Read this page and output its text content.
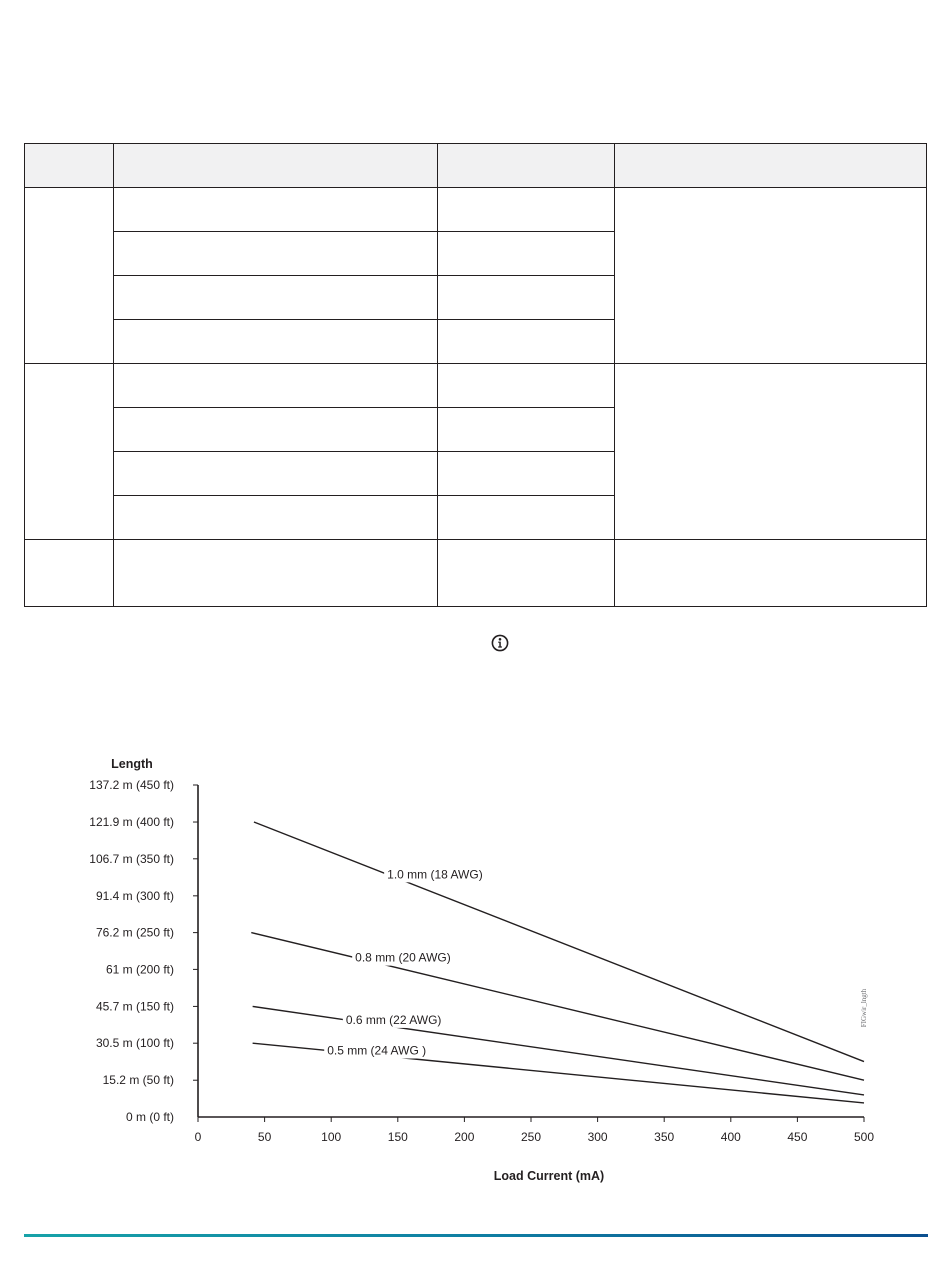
0 m (0 ft)
15.2 m (50 ft)
30.5 m (100 ft)
45.7 m (150 ft)
61 m (200 ft)
76.2 m (250 ft)
91.4 m (300 ft)
106.7 m (350 ft)
121.9 m (400 ft)
137.2 m (450 ft)
0	50	100	150	200	250	300	350	400	450	500
1.0 mm (18 AWG)
0.8 mm (20 AWG)
0.6 mm (22 AWG)
0.5 mm (24 AWG )
Length
Load Current (mA)
FIGwir_lngth
